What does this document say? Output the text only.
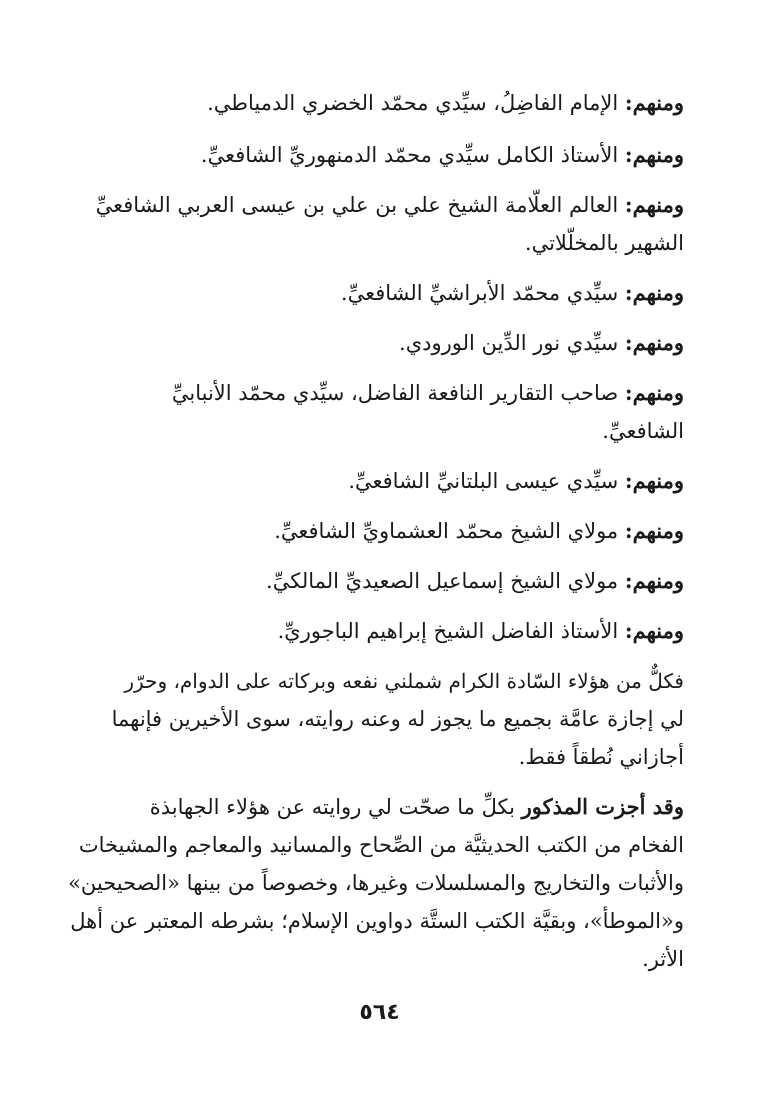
ومنهم: الإمام الفاضِلُ، سيِّدي محمّد الخضري الدمياطي.
ومنهم: الأستاذ الكامل سيِّدي محمّد الدمنهوريِّ الشافعيِّ.
ومنهم: العالم العلّامة الشيخ علي بن علي بن عيسى العربي الشافعيِّ
الشهير بالمخلّلاتي.
ومنهم: سيِّدي محمّد الأبراشيِّ الشافعيِّ.
ومنهم: سيِّدي نور الدِّين الورودي.
ومنهم: صاحب التقارير النافعة الفاضل، سيِّدي محمّد الأنبابيِّ
الشافعيِّ.
ومنهم: سيِّدي عيسى البلتانيِّ الشافعيِّ.
ومنهم: مولاي الشيخ محمّد العشماويِّ الشافعيِّ.
ومنهم: مولاي الشيخ إسماعيل الصعيديِّ المالكيِّ.
ومنهم: الأستاذ الفاضل الشيخ إبراهيم الباجوريِّ.
فكلٌّ من هؤلاء السّادة الكرام شملني نفعه وبركاته على الدوام، وحرّر
لي إجازة عامَّة بجميع ما يجوز له وعنه روايته، سوى الأخيرين فإنهما
أجازاني نُطقاً فقط.
وقد أجزت المذكور بكلِّ ما صحّت لي روايته عن هؤلاء الجهابذة
الفخام من الكتب الحديثيَّة من الصِّحاح والمسانيد والمعاجم والمشيخات
والأثبات والتخاريج والمسلسلات وغيرها، وخصوصاً من بينها «الصحيحين»
و«الموطأ»، وبقيَّة الكتب الستَّة دواوين الإسلام؛ بشرطه المعتبر عن أهل
الأثر.
٥٦٤
